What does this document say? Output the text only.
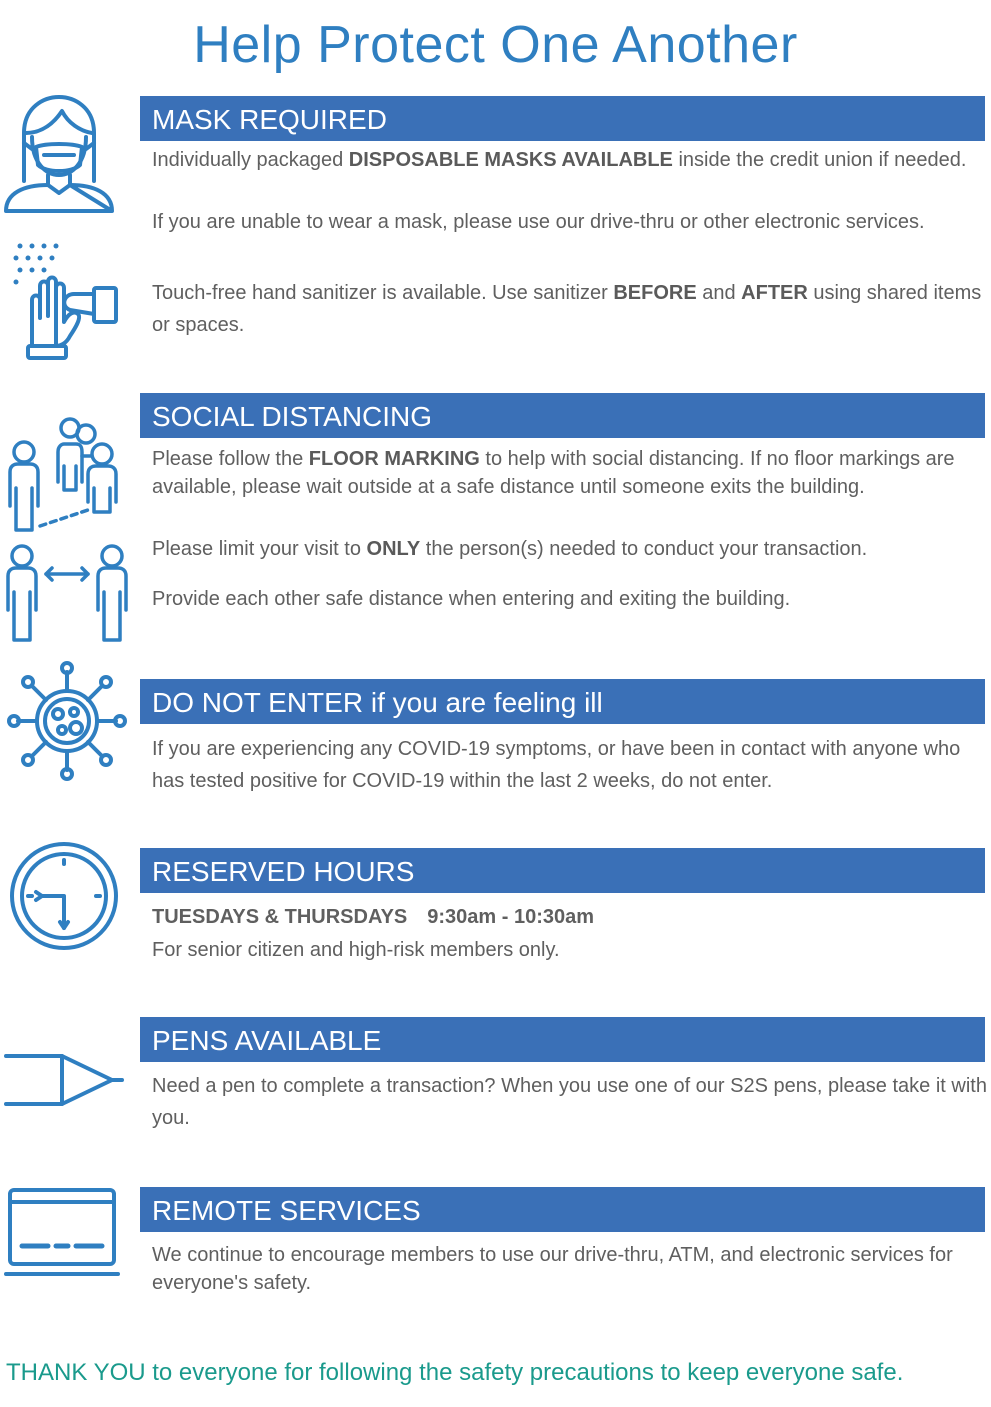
Help Protect One Another
MASK REQUIRED
Individually packaged DISPOSABLE MASKS AVAILABLE inside the credit union if needed.
If you are unable to wear a mask, please use our drive-thru or other electronic services.
Touch-free hand sanitizer is available. Use sanitizer BEFORE and AFTER using shared items or spaces.
SOCIAL DISTANCING
Please follow the FLOOR MARKING to help with social distancing. If no floor markings are available, please wait outside at a safe distance until someone exits the building.
Please limit your visit to ONLY the person(s) needed to conduct your transaction.
Provide each other safe distance when entering and exiting the building.
DO NOT ENTER if you are feeling ill
If you are experiencing any COVID-19 symptoms, or have been in contact with anyone who has tested positive for COVID-19 within the last 2 weeks, do not enter.
RESERVED HOURS
TUESDAYS & THURSDAYS 9:30am - 10:30am
For senior citizen and high-risk members only.
PENS AVAILABLE
Need a pen to complete a transaction? When you use one of our S2S pens, please take it with you.
REMOTE SERVICES
We continue to encourage members to use our drive-thru, ATM, and electronic services for everyone's safety.
THANK YOU to everyone for following the safety precautions to keep everyone safe.
